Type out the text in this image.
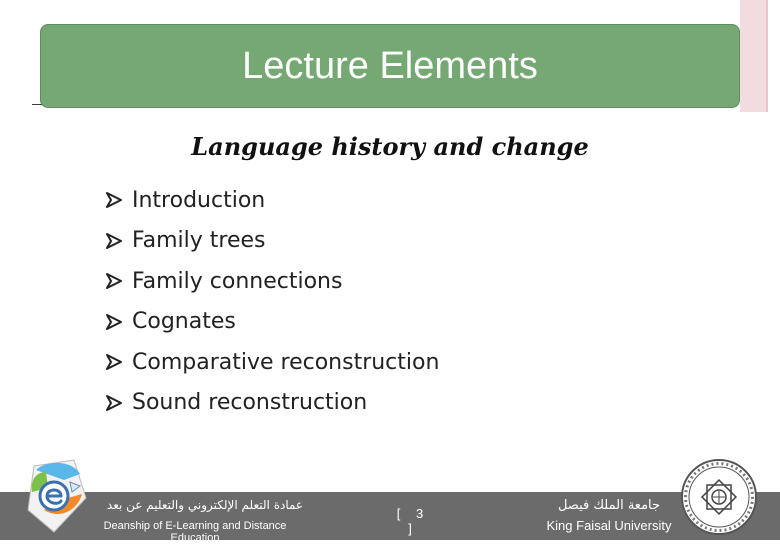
Lecture Elements
Language history and change
Introduction
Family trees
Family connections
Cognates
Comparative reconstruction
Sound reconstruction
عمادة التعلم الإلكتروني والتعليم عن بعد
Deanship of E-Learning and Distance Education
[ 3 ]
جامعة الملك فيصل
King Faisal University
